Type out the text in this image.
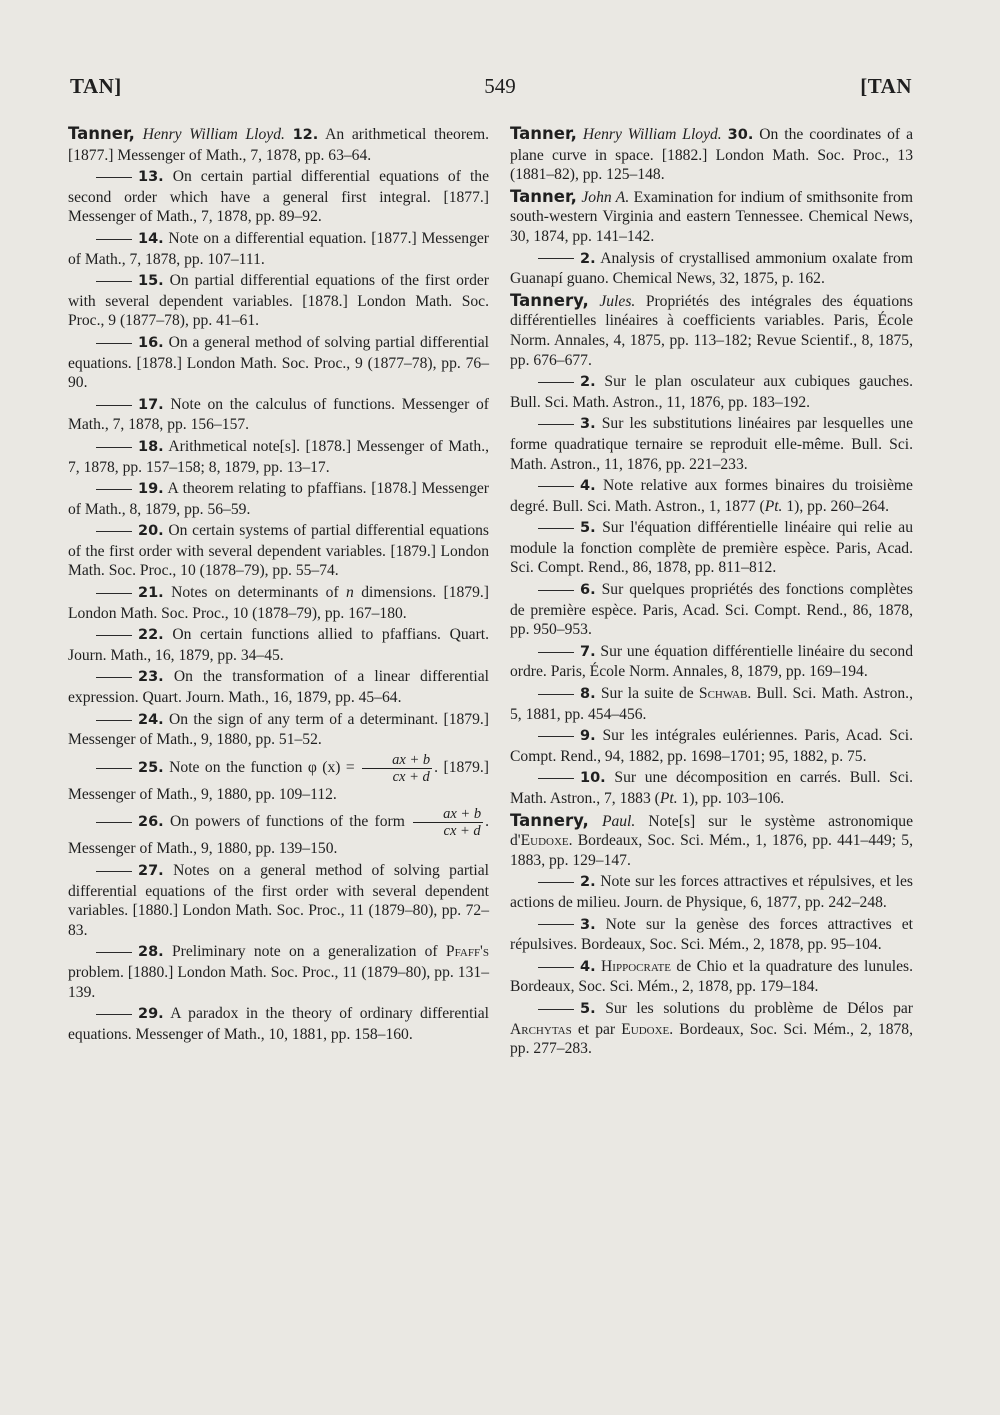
549
TAN]	[TAN

Tanner, Henry William Lloyd. 12. An arithmetical theorem. [1877.] Messenger of Math., 7, 1878, pp. 63–64.

13. On certain partial differential equations of the second order which have a general first integral. [1877.] Messenger of Math., 7, 1878, pp. 89–92.

14. Note on a differential equation. [1877.] Messenger of Math., 7, 1878, pp. 107–111.

15. On partial differential equations of the first order with several dependent variables. [1878.] London Math. Soc. Proc., 9 (1877–78), pp. 41–61.

16. On a general method of solving partial differential equations. [1878.] London Math. Soc. Proc., 9 (1877–78), pp. 76–90.

17. Note on the calculus of functions. Messenger of Math., 7, 1878, pp. 156–157.

18. Arithmetical note[s]. [1878.] Messenger of Math., 7, 1878, pp. 157–158; 8, 1879, pp. 13–17.

19. A theorem relating to pfaffians. [1878.] Messenger of Math., 8, 1879, pp. 56–59.

20. On certain systems of partial differential equations of the first order with several dependent variables. [1879.] London Math. Soc. Proc., 10 (1878–79), pp. 55–74.

21. Notes on determinants of n dimensions. [1879.] London Math. Soc. Proc., 10 (1878–79), pp. 167–180.

22. On certain functions allied to pfaffians. Quart. Journ. Math., 16, 1879, pp. 34–45.

23. On the transformation of a linear differential expression. Quart. Journ. Math., 16, 1879, pp. 45–64.

24. On the sign of any term of a determinant. [1879.] Messenger of Math., 9, 1880, pp. 51–52.

25. Note on the function φ $(x) = \frac{ax + b}{cx + d}$ . [1879.] Messenger of Math., 9, 1880, pp. 109–112.

26. On powers of functions of the form $\frac{ax + b}{cx + d}$ . Messenger of Math., 9, 1880, pp. 139–150.

27. Notes on a general method of solving partial differential equations of the first order with several dependent variables. [1880.] London Math. Soc. Proc., 11 (1879–80), pp. 72–83.

28. Preliminary note on a generalization of Pfaff's problem. [1880.] London Math. Soc. Proc., 11 (1879–80), pp. 131–139.

29. A paradox in the theory of ordinary differential equations. Messenger of Math., 10, 1881, pp. 158–160.

Tanner, Henry William Lloyd. 30. On the coordinates of a plane curve in space. [1882.] London Math. Soc. Proc., 13 (1881–82), pp. 125–148.

Tanner, John A. Examination for indium of smithsonite from south-western Virginia and eastern Tennessee. Chemical News, 30, 1874, pp. 141–142.

2. Analysis of crystallised ammonium oxalate from Guanapí guano. Chemical News, 32, 1875, p. 162.

Tannery, Jules. Propriétés des intégrales des équations différentielles linéaires à coefficients variables. Paris, École Norm. Annales, 4, 1875, pp. 113–182; Revue Scientif., 8, 1875, pp. 676–677.

2. Sur le plan osculateur aux cubiques gauches. Bull. Sci. Math. Astron., 11, 1876, pp. 183–192.

3. Sur les substitutions linéaires par lesquelles une forme quadratique ternaire se reproduit elle-même. Bull. Sci. Math. Astron., 11, 1876, pp. 221–233.

4. Note relative aux formes binaires du troisième degré. Bull. Sci. Math. Astron., 1, 1877 (Pt. 1), pp. 260–264.

5. Sur l'équation différentielle linéaire qui relie au module la fonction complète de première espèce. Paris, Acad. Sci. Compt. Rend., 86, 1878, pp. 811–812.

6. Sur quelques propriétés des fonctions complètes de première espèce. Paris, Acad. Sci. Compt. Rend., 86, 1878, pp. 950–953.

7. Sur une équation différentielle linéaire du second ordre. Paris, École Norm. Annales, 8, 1879, pp. 169–194.

8. Sur la suite de Schwab. Bull. Sci. Math. Astron., 5, 1881, pp. 454–456.

9. Sur les intégrales eulériennes. Paris, Acad. Sci. Compt. Rend., 94, 1882, pp. 1698–1701; 95, 1882, p. 75.

10. Sur une décomposition en carrés. Bull. Sci. Math. Astron., 7, 1883 (Pt. 1), pp. 103–106.

Tannery, Paul. Note[s] sur le système astronomique d'Eudoxe. Bordeaux, Soc. Sci. Mém., 1, 1876, pp. 441–449; 5, 1883, pp. 129–147.

2. Note sur les forces attractives et répulsives, et les actions de milieu. Journ. de Physique, 6, 1877, pp. 242–248.

3. Note sur la genèse des forces attractives et répulsives. Bordeaux, Soc. Sci. Mém., 2, 1878, pp. 95–104.

4. Hippocrate de Chio et la quadrature des lunules. Bordeaux, Soc. Sci. Mém., 2, 1878, pp. 179–184.

5. Sur les solutions du problème de Délos par Archytas et par Eudoxe. Bordeaux, Soc. Sci. Mém., 2, 1878, pp. 277–283.
